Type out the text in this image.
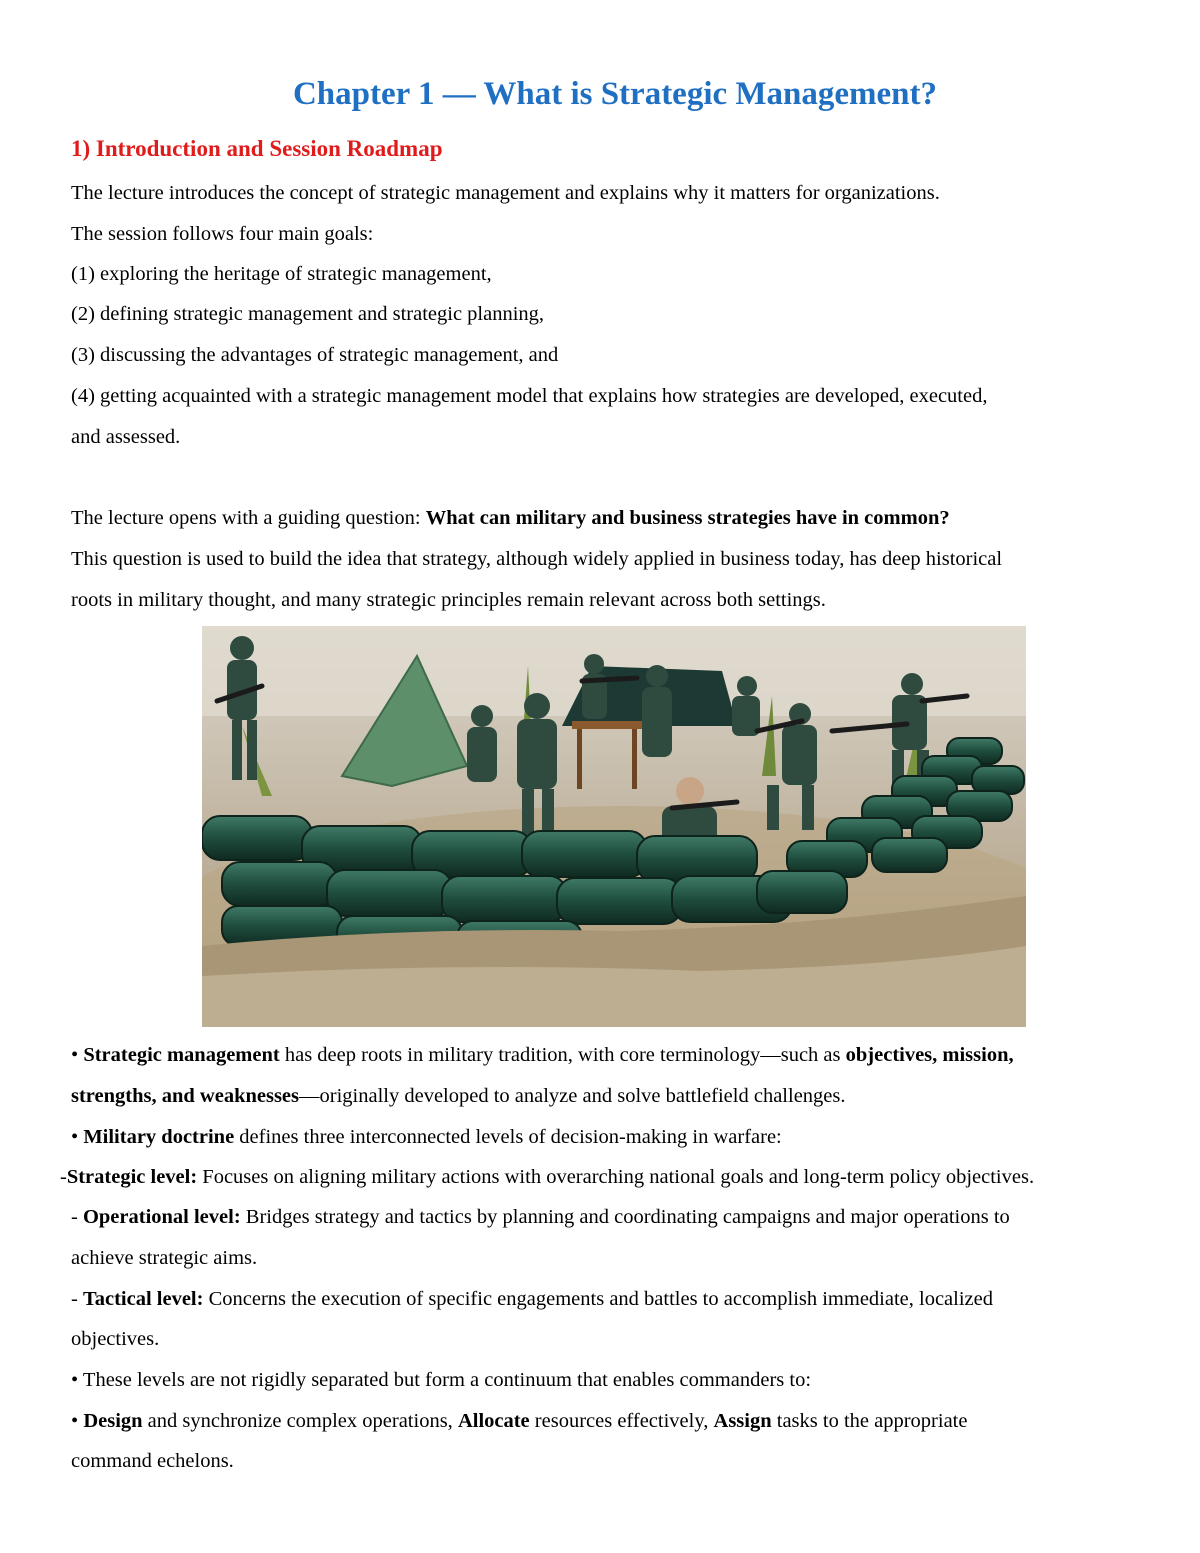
Chapter 1 — What is Strategic Management?
1) Introduction and Session Roadmap
The lecture introduces the concept of strategic management and explains why it matters for organizations.
The session follows four main goals:
(1) exploring the heritage of strategic management,
(2) defining strategic management and strategic planning,
(3) discussing the advantages of strategic management, and
(4) getting acquainted with a strategic management model that explains how strategies are developed, executed,
and assessed.
The lecture opens with a guiding question: What can military and business strategies have in common?
This question is used to build the idea that strategy, although widely applied in business today, has deep historical
roots in military thought, and many strategic principles remain relevant across both settings.
• Strategic management has deep roots in military tradition, with core terminology—such as objectives, mission,
strengths, and weaknesses—originally developed to analyze and solve battlefield challenges.
• Military doctrine defines three interconnected levels of decision-making in warfare:
-Strategic level: Focuses on aligning military actions with overarching national goals and long-term policy objectives.
- Operational level: Bridges strategy and tactics by planning and coordinating campaigns and major operations to
achieve strategic aims.
- Tactical level: Concerns the execution of specific engagements and battles to accomplish immediate, localized
objectives.
• These levels are not rigidly separated but form a continuum that enables commanders to:
• Design and synchronize complex operations, Allocate resources effectively, Assign tasks to the appropriate
command echelons.
